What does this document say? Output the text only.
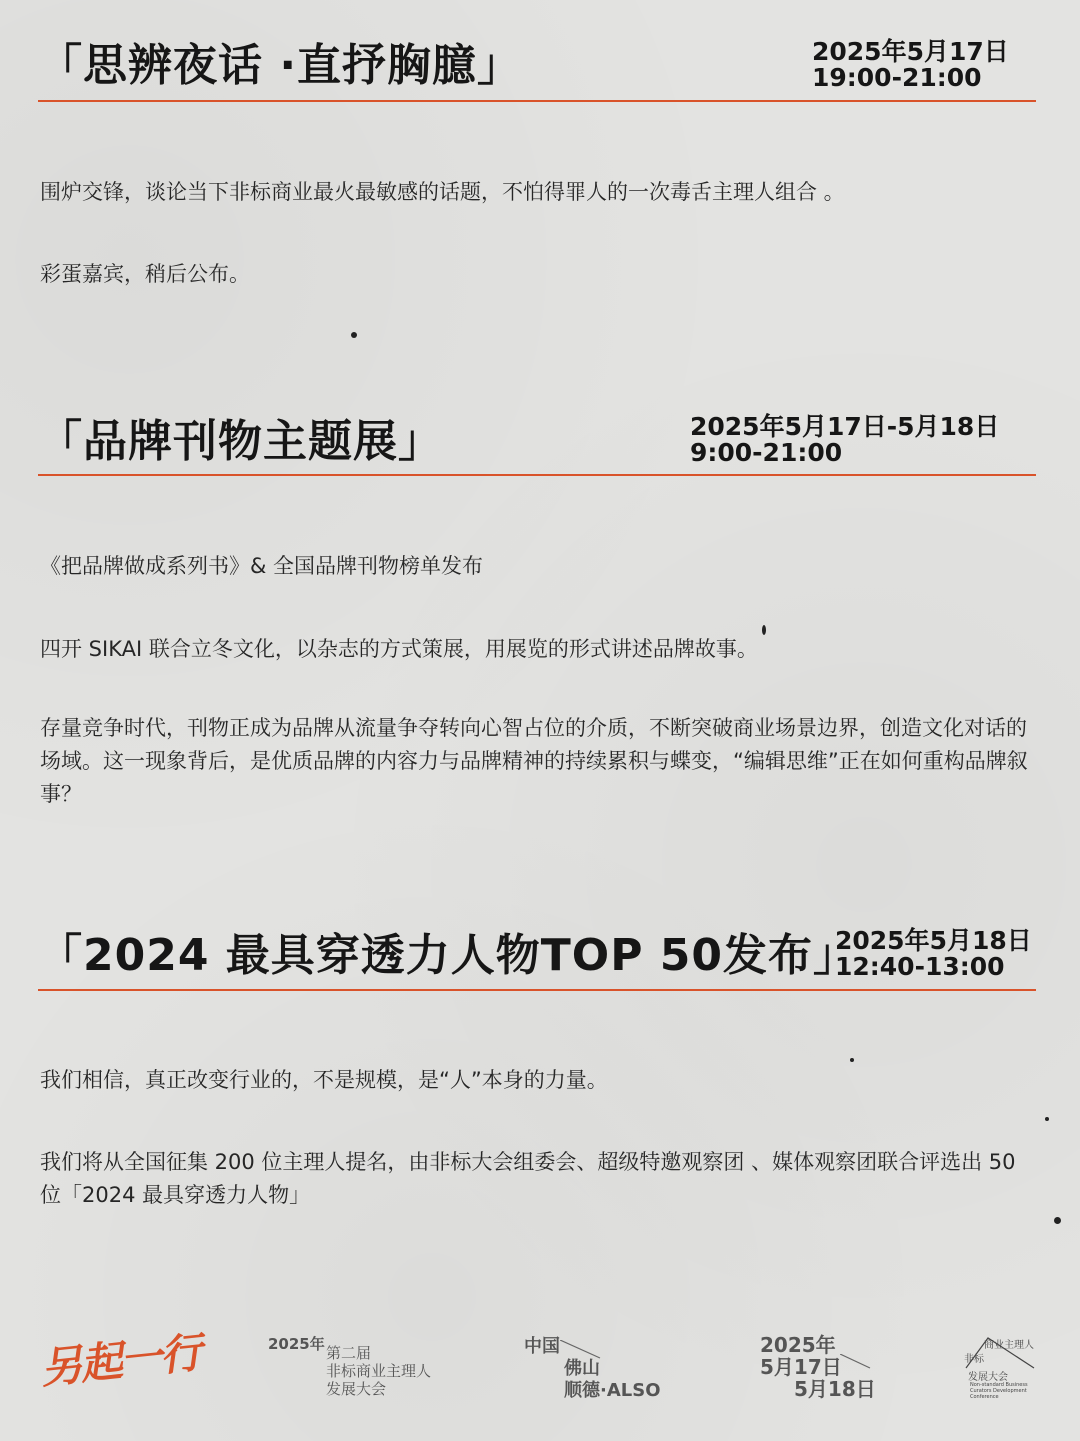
「思辨夜话 ·直抒胸臆」	2025年5月17日
19:00-21:00

围炉交锋，谈论当下非标商业最火最敏感的话题，不怕得罪人的一次毒舌主理人组合 。

彩蛋嘉宾，稍后公布。

「品牌刊物主题展」	2025年5月17日-5月18日
9:00-21:00

《把品牌做成系列书》& 全国品牌刊物榜单发布

四开 SIKAI 联合立冬文化，以杂志的方式策展，用展览的形式讲述品牌故事。

存量竞争时代，刊物正成为品牌从流量争夺转向心智占位的介质，不断突破商业场景边界，创造文化对话的场域。这一现象背后，是优质品牌的内容力与品牌精神的持续累积与蝶变，“编辑思维”正在如何重构品牌叙事？

「2024 最具穿透力人物TOP 50发布」
2025年5月18日
12:40-13:00

我们相信，真正改变行业的，不是规模，是“人”本身的力量。

我们将从全国征集 200 位主理人提名，由非标大会组委会、超级特邀观察团 、媒体观察团联合评选出 50 位「2024 最具穿透力人物」

另起一行	2025年 第二届
非标商业主理人
发展大会
中国
佛山
顺德·ALSO
2025年
5月17日
5月18日
商业主理人
非标
发展大会
Non-standard Business Curators Development Conference
